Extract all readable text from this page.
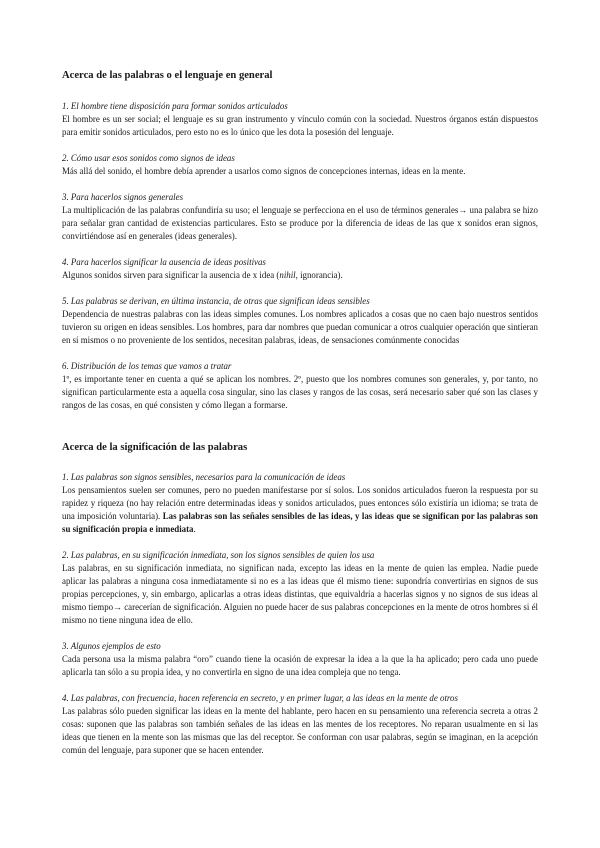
Acerca de las palabras o el lenguaje en general

1. El hombre tiene disposición para formar sonidos articulados

El hombre es un ser social; el lenguaje es su gran instrumento y vínculo común con la sociedad. Nuestros órganos están dispuestos para emitir sonidos articulados, pero esto no es lo único que les dota la posesión del lenguaje.

2. Cómo usar esos sonidos como signos de ideas

Más allá del sonido, el hombre debía aprender a usarlos como signos de concepciones internas, ideas en la mente.

3. Para hacerlos signos generales

La multiplicación de las palabras confundiría su uso; el lenguaje se perfecciona en el uso de términos generales→ una palabra se hizo para señalar gran cantidad de existencias particulares. Esto se produce por la diferencia de ideas de las que x sonidos eran signos, convirtiéndose así en generales (ideas generales).

4. Para hacerlos significar la ausencia de ideas positivas

Algunos sonidos sirven para significar la ausencia de x idea (nihil, ignorancia).

5. Las palabras se derivan, en última instancia, de otras que significan ideas sensibles

Dependencia de nuestras palabras con las ideas simples comunes. Los nombres aplicados a cosas que no caen bajo nuestros sentidos tuvieron su origen en ideas sensibles. Los hombres, para dar nombres que puedan comunicar a otros cualquier operación que sintieran en sí mismos o no proveniente de los sentidos, necesitan palabras, ideas, de sensaciones comúnmente conocidas

6. Distribución de los temas que vamos a tratar

1º, es importante tener en cuenta a qué se aplican los nombres. 2º, puesto que los nombres comunes son generales, y, por tanto, no significan particularmente esta a aquella cosa singular, sino las clases y rangos de las cosas, será necesario saber qué son las clases y rangos de las cosas, en qué consisten y cómo llegan a formarse.

Acerca de la significación de las palabras

1. Las palabras son signos sensibles, necesarios para la comunicación de ideas

Los pensamientos suelen ser comunes, pero no pueden manifestarse por sí solos. Los sonidos articulados fueron la respuesta por su rapidez y riqueza (no hay relación entre determinadas ideas y sonidos articulados, pues entonces sólo existiría un idioma; se trata de una imposición voluntaria). Las palabras son las señales sensibles de las ideas, y las ideas que se significan por las palabras son su significación propia e inmediata.

2. Las palabras, en su significación inmediata, son los signos sensibles de quien los usa

Las palabras, en su significación inmediata, no significan nada, excepto las ideas en la mente de quien las emplea. Nadie puede aplicar las palabras a ninguna cosa inmediatamente si no es a las ideas que él mismo tiene: supondría convertirias en signos de sus propias percepciones, y, sin embargo, aplicarlas a otras ideas distintas, que equivaldría a hacerlas signos y no signos de sus ideas al mismo tiempo→ carecerían de significación. Alguien no puede hacer de sus palabras concepciones en la mente de otros hombres si él mismo no tiene ninguna idea de ello.

3. Algunos ejemplos de esto

Cada persona usa la misma palabra “oro” cuando tiene la ocasión de expresar la idea a la que la ha aplicado; pero cada uno puede aplicarla tan sólo a su propia idea, y no convertirla en signo de una idea compleja que no tenga.

4. Las palabras, con frecuencia, hacen referencia en secreto, y en primer lugar, a las ideas en la mente de otros

Las palabras sólo pueden significar las ideas en la mente del hablante, pero hacen en su pensamiento una referencia secreta a otras 2 cosas: suponen que las palabras son también señales de las ideas en las mentes de los receptores. No reparan usualmente en si las ideas que tienen en la mente son las mismas que las del receptor. Se conforman con usar palabras, según se imaginan, en la acepción común del lenguaje, para suponer que se hacen entender.
